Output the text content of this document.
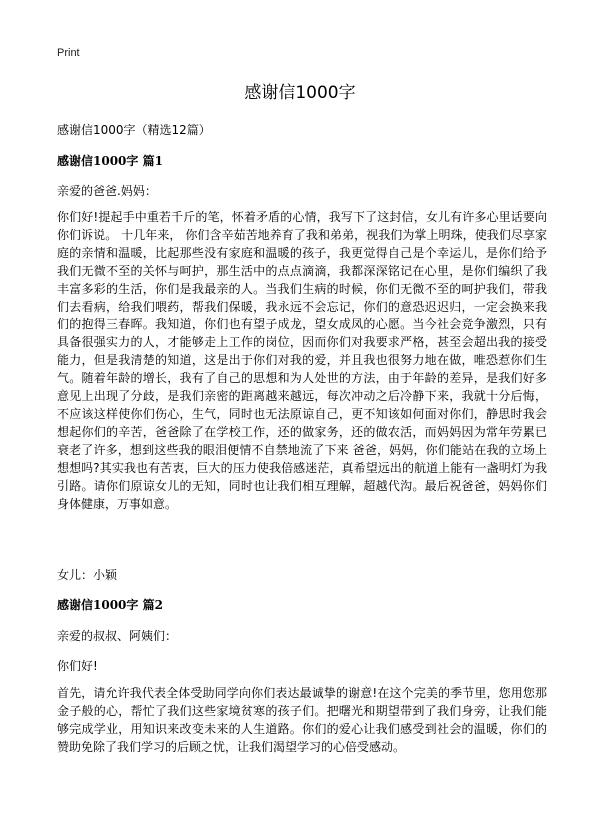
Print
感谢信1000字
感谢信1000字（精选12篇）
感谢信1000字 篇1
亲爱的爸爸.妈妈：
你们好!提起手中重若千斤的笔，怀着矛盾的心情，我写下了这封信，女儿有许多心里话要向你们诉说。 十几年来， 你们含辛茹苦地养育了我和弟弟，视我们为掌上明珠，使我们尽享家庭的亲情和温暖，比起那些没有家庭和温暖的孩子，我更觉得自己是个幸运儿，是你们给予我们无微不至的关怀与呵护，那生活中的点点滴滴，我都深深铭记在心里，是你们编织了我丰富多彩的生活，你们是我最亲的人。当我们生病的时候，你们无微不至的呵护我们，带我们去看病，给我们喂药，帮我们保暖，我永远不会忘记，你们的意恐迟迟归，一定会换来我们的抱得三春晖。我知道，你们也有望子成龙，望女成凤的心愿。当今社会竞争激烈，只有具备很强实力的人，才能够走上工作的岗位，因而你们对我要求严格，甚至会超出我的接受能力，但是我清楚的知道，这是出于你们对我的爱，并且我也很努力地在做，唯恐惹你们生气。随着年龄的增长，我有了自己的思想和为人处世的方法，由于年龄的差异，是我们好多意见上出现了分歧，是我们亲密的距离越来越远，每次冲动之后冷静下来，我就十分后悔，不应该这样使你们伤心，生气，同时也无法原谅自己，更不知该如何面对你们，静思时我会想起你们的辛苦，爸爸除了在学校工作，还的做家务，还的做农活，而妈妈因为常年劳累已衰老了许多，想到这些我的眼泪便情不自禁地流了下来 爸爸，妈妈，你们能站在我的立场上想想吗?其实我也有苦衷，巨大的压力使我倍感迷茫，真希望远出的航道上能有一盏明灯为我引路。请你们原谅女儿的无知，同时也让我们相互理解，超越代沟。最后祝爸爸，妈妈你们身体健康，万事如意。
女儿：小颖
感谢信1000字 篇2
亲爱的叔叔、阿姨们：
你们好!
首先，请允许我代表全体受助同学向你们表达最诚挚的谢意!在这个完美的季节里，您用您那金子般的心，帮忙了我们这些家境贫寒的孩子们。把曙光和期望带到了我们身旁，让我们能够完成学业，用知识来改变未来的人生道路。你们的爱心让我们感受到社会的温暖，你们的赞助免除了我们学习的后顾之忧，让我们渴望学习的心倍受感动。
